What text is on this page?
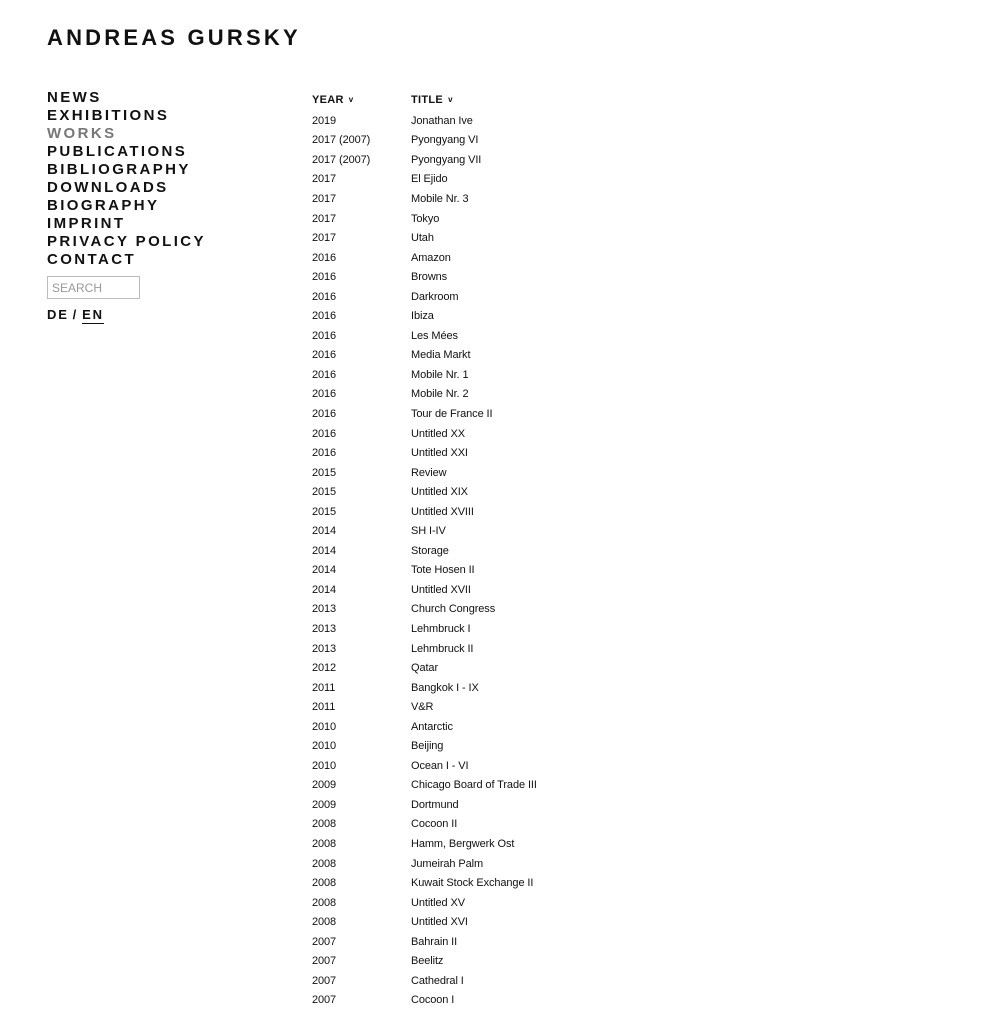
ANDREAS GURSKY
NEWS
EXHIBITIONS
WORKS
PUBLICATIONS
BIBLIOGRAPHY
DOWNLOADS
BIOGRAPHY
IMPRINT
PRIVACY POLICY
CONTACT
SEARCH
DE / EN
YEAR v	TITLE v
2019	Jonathan Ive
2017 (2007)	Pyongyang VI
2017 (2007)	Pyongyang VII
2017	El Ejido
2017	Mobile Nr. 3
2017	Tokyo
2017	Utah
2016	Amazon
2016	Browns
2016	Darkroom
2016	Ibiza
2016	Les Mées
2016	Media Markt
2016	Mobile Nr. 1
2016	Mobile Nr. 2
2016	Tour de France II
2016	Untitled XX
2016	Untitled XXI
2015	Review
2015	Untitled XIX
2015	Untitled XVIII
2014	SH I-IV
2014	Storage
2014	Tote Hosen II
2014	Untitled XVII
2013	Church Congress
2013	Lehmbruck I
2013	Lehmbruck II
2012	Qatar
2011	Bangkok I - IX
2011	V&R
2010	Antarctic
2010	Beijing
2010	Ocean I - VI
2009	Chicago Board of Trade III
2009	Dortmund
2008	Cocoon II
2008	Hamm, Bergwerk Ost
2008	Jumeirah Palm
2008	Kuwait Stock Exchange II
2008	Untitled XV
2008	Untitled XVI
2007	Bahrain II
2007	Beelitz
2007	Cathedral I
2007	Cocoon I
